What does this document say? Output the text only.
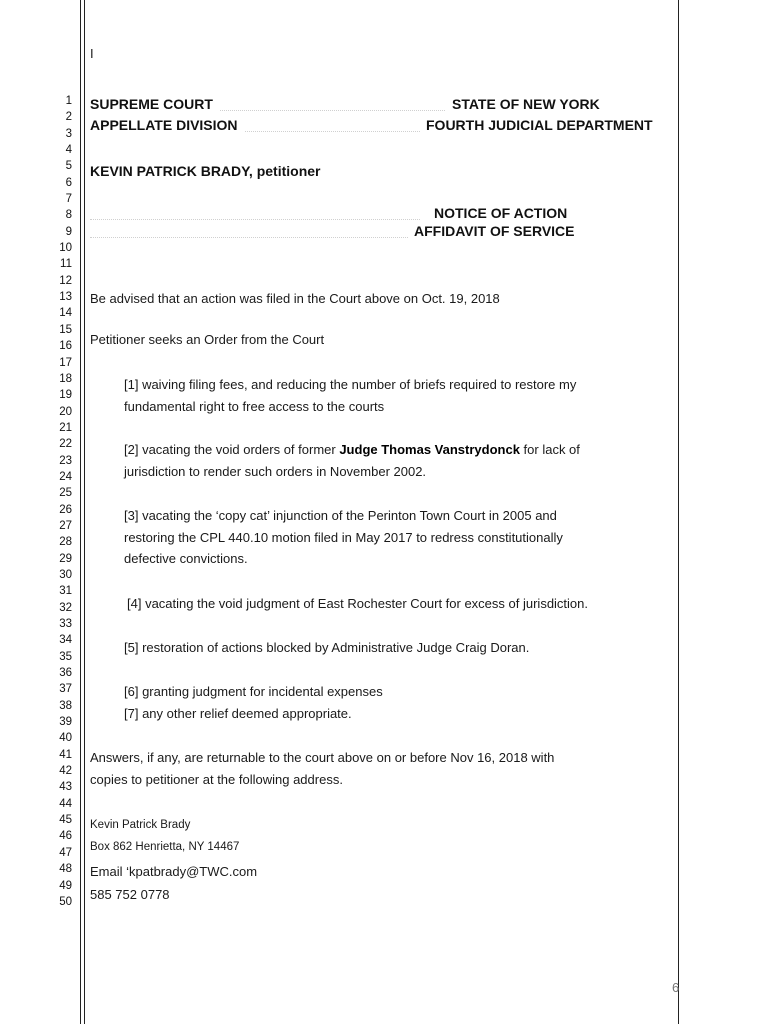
1
2
3
4
5
6
7
8
9
10
11
12
13
14
15
16
17
18
19
20
21
22
23
24
25
26
27
28
29
30
31
32
33
34
35
36
37
38
39
40
41
42
43
44
45
46
47
48
49
50
I
SUPREME COURT	STATE OF NEW YORK
APPELLATE DIVISION	FOURTH JUDICIAL DEPARTMENT
KEVIN PATRICK BRADY, petitioner
NOTICE OF ACTION
AFFIDAVIT OF SERVICE
Be advised that an action was filed in the Court above on Oct. 19, 2018
Petitioner seeks an Order from the Court
[1] waiving filing fees, and reducing the number of briefs required to restore my
fundamental right to free access to the courts
[2] vacating the void orders of former Judge Thomas Vanstrydonck for lack of
jurisdiction to render such orders in November 2002.
[3] vacating the ‘copy cat’ injunction of the Perinton Town Court in 2005 and
restoring the CPL 440.10 motion filed in May 2017 to redress constitutionally
defective convictions.
[4] vacating the void judgment of East Rochester Court for excess of jurisdiction.
[5] restoration of actions blocked by Administrative Judge Craig Doran.
[6] granting judgment for incidental expenses
[7] any other relief deemed appropriate.
Answers, if any, are returnable to the court above on or before Nov 16, 2018 with
copies to petitioner at the following address.
Kevin Patrick Brady
Box 862 Henrietta, NY 14467
Email ‘kpatbrady@TWC.com
585 752 0778
6
